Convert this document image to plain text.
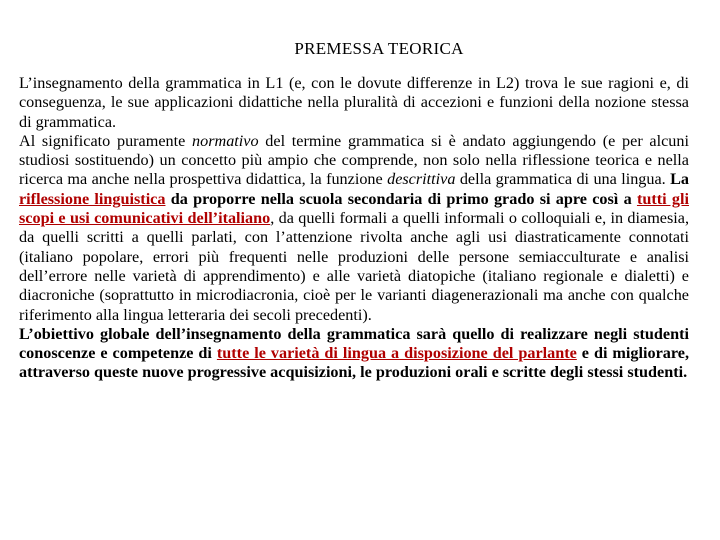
PREMESSA TEORICA

L’insegnamento della grammatica in L1 (e, con le dovute differenze in L2) trova le sue ragioni e, di conseguenza, le sue applicazioni didattiche nella pluralità di accezioni e funzioni della nozione stessa di grammatica.

Al significato puramente normativo del termine grammatica si è andato aggiungendo (e per alcuni studiosi sostituendo) un concetto più ampio che comprende, non solo nella riflessione teorica e nella ricerca ma anche nella prospettiva didattica, la funzione descrittiva della grammatica di una lingua. La riflessione linguistica da proporre nella scuola secondaria di primo grado si apre così a tutti gli scopi e usi comunicativi dell’italiano, da quelli formali a quelli informali o colloquiali e, in diamesia, da quelli scritti a quelli parlati, con l’attenzione rivolta anche agli usi diastraticamente connotati (italiano popolare, errori più frequenti nelle produzioni delle persone semiacculturate e analisi dell’errore nelle varietà di apprendimento) e alle varietà diatopiche (italiano regionale e dialetti) e diacroniche (soprattutto in microdiacronia, cioè per le varianti diagenerazionali ma anche con qualche riferimento alla lingua letteraria dei secoli precedenti).

L’obiettivo globale dell’insegnamento della grammatica sarà quello di realizzare negli studenti conoscenze e competenze di tutte le varietà di lingua a disposizione del parlante e di migliorare, attraverso queste nuove progressive acquisizioni, le produzioni orali e scritte degli stessi studenti.
